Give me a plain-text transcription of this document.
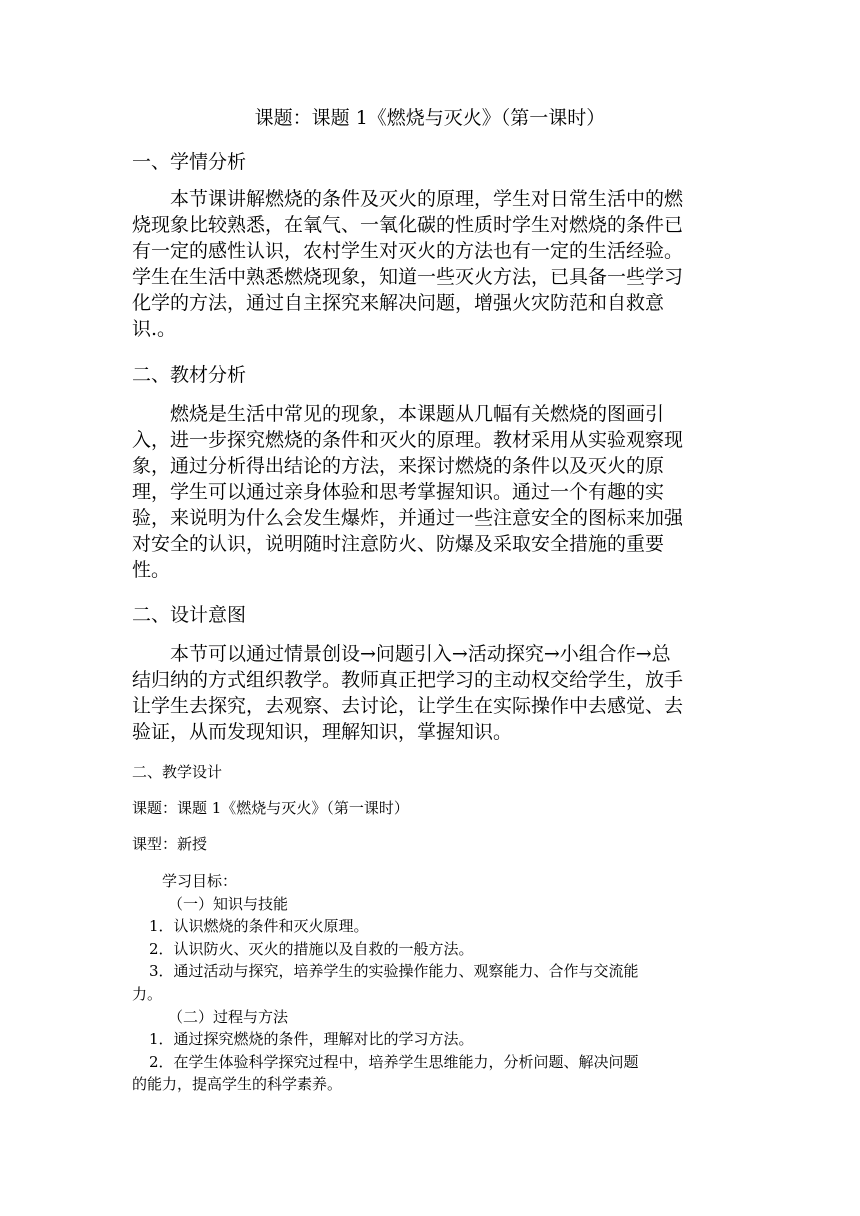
课题：课题 1《燃烧与灭火》（第一课时）
一、学情分析
　　本节课讲解燃烧的条件及灭火的原理，学生对日常生活中的燃
烧现象比较熟悉，在氧气、一氧化碳的性质时学生对燃烧的条件已
有一定的感性认识，农村学生对灭火的方法也有一定的生活经验。
学生在生活中熟悉燃烧现象，知道一些灭火方法，已具备一些学习
化学的方法，通过自主探究来解决问题，增强火灾防范和自救意
识.。
二、教材分析
　　燃烧是生活中常见的现象，本课题从几幅有关燃烧的图画引
入，进一步探究燃烧的条件和灭火的原理。教材采用从实验观察现
象，通过分析得出结论的方法，来探讨燃烧的条件以及灭火的原
理，学生可以通过亲身体验和思考掌握知识。通过一个有趣的实
验，来说明为什么会发生爆炸，并通过一些注意安全的图标来加强
对安全的认识，说明随时注意防火、防爆及采取安全措施的重要
性。
二、设计意图
　　本节可以通过情景创设→问题引入→活动探究→小组合作→总
结归纳的方式组织教学。教师真正把学习的主动权交给学生，放手
让学生去探究，去观察、去讨论，让学生在实际操作中去感觉、去
验证，从而发现知识，理解知识，掌握知识。
二、教学设计
课题：课题 1《燃烧与灭火》（第一课时）
课型：新授
学习目标：
（一）知识与技能
1．认识燃烧的条件和灭火原理。
2．认识防火、灭火的措施以及自救的一般方法。
3．通过活动与探究，培养学生的实验操作能力、观察能力、合作与交流能
力。
（二）过程与方法
1．通过探究燃烧的条件，理解对比的学习方法。
2．在学生体验科学探究过程中，培养学生思维能力，分析问题、解决问题
的能力，提高学生的科学素养。
